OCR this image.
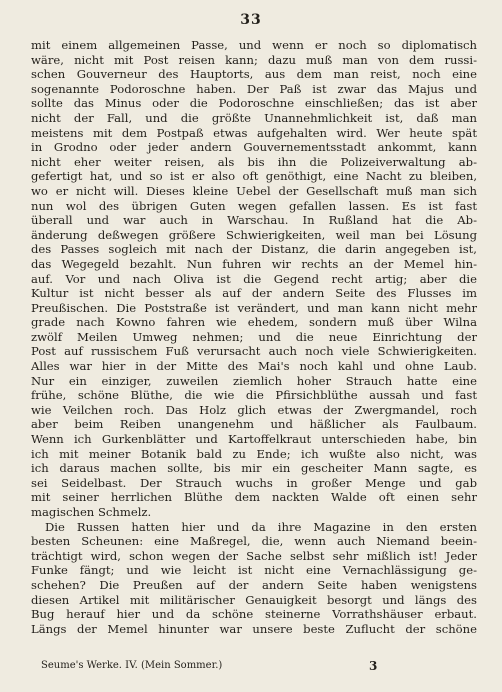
33
mit einem allgemeinen Passe, und wenn er noch so diplomatisch
wäre, nicht mit Post reisen kann; dazu muß man von dem russi-
schen Gouverneur des Hauptorts, aus dem man reist, noch eine
sogenannte Podoroschne haben. Der Paß ist zwar das Majus und
sollte das Minus oder die Podoroschne einschließen; das ist aber
nicht der Fall, und die größte Unannehmlichkeit ist, daß man
meistens mit dem Postpaß etwas aufgehalten wird. Wer heute spät
in Grodno oder jeder andern Gouvernementsstadt ankommt, kann
nicht eher weiter reisen, als bis ihn die Polizeiverwaltung ab-
gefertigt hat, und so ist er also oft genöthigt, eine Nacht zu bleiben,
wo er nicht will. Dieses kleine Uebel der Gesellschaft muß man sich
nun wol des übrigen Guten wegen gefallen lassen. Es ist fast
überall und war auch in Warschau. In Rußland hat die Ab-
änderung deßwegen größere Schwierigkeiten, weil man bei Lösung
des Passes sogleich mit nach der Distanz, die darin angegeben ist,
das Wegegeld bezahlt. Nun fuhren wir rechts an der Memel hin-
auf. Vor und nach Oliva ist die Gegend recht artig; aber die
Kultur ist nicht besser als auf der andern Seite des Flusses im
Preußischen. Die Poststraße ist verändert, und man kann nicht mehr
grade nach Kowno fahren wie ehedem, sondern muß über Wilna
zwölf Meilen Umweg nehmen; und die neue Einrichtung der
Post auf russischem Fuß verursacht auch noch viele Schwierigkeiten.
Alles war hier in der Mitte des Mai's noch kahl und ohne Laub.
Nur ein einziger, zuweilen ziemlich hoher Strauch hatte eine
frühe, schöne Blüthe, die wie die Pfirsichblüthe aussah und fast
wie Veilchen roch. Das Holz glich etwas der Zwergmandel, roch
aber beim Reiben unangenehm und häßlicher als Faulbaum.
Wenn ich Gurkenblätter und Kartoffelkraut unterschieden habe, bin
ich mit meiner Botanik bald zu Ende; ich wußte also nicht, was
ich daraus machen sollte, bis mir ein gescheiter Mann sagte, es
sei Seidelbast. Der Strauch wuchs in großer Menge und gab
mit seiner herrlichen Blüthe dem nackten Walde oft einen sehr
magischen Schmelz.
Die Russen hatten hier und da ihre Magazine in den ersten
besten Scheunen: eine Maßregel, die, wenn auch Niemand beein-
trächtigt wird, schon wegen der Sache selbst sehr mißlich ist! Jeder
Funke fängt; und wie leicht ist nicht eine Vernachlässigung ge-
schehen? Die Preußen auf der andern Seite haben wenigstens
diesen Artikel mit militärischer Genauigkeit besorgt und längs des
Bug herauf hier und da schöne steinerne Vorrathshäuser erbaut.
Längs der Memel hinunter war unsere beste Zuflucht der schöne
Seume's Werke. IV. (Mein Sommer.)	3
